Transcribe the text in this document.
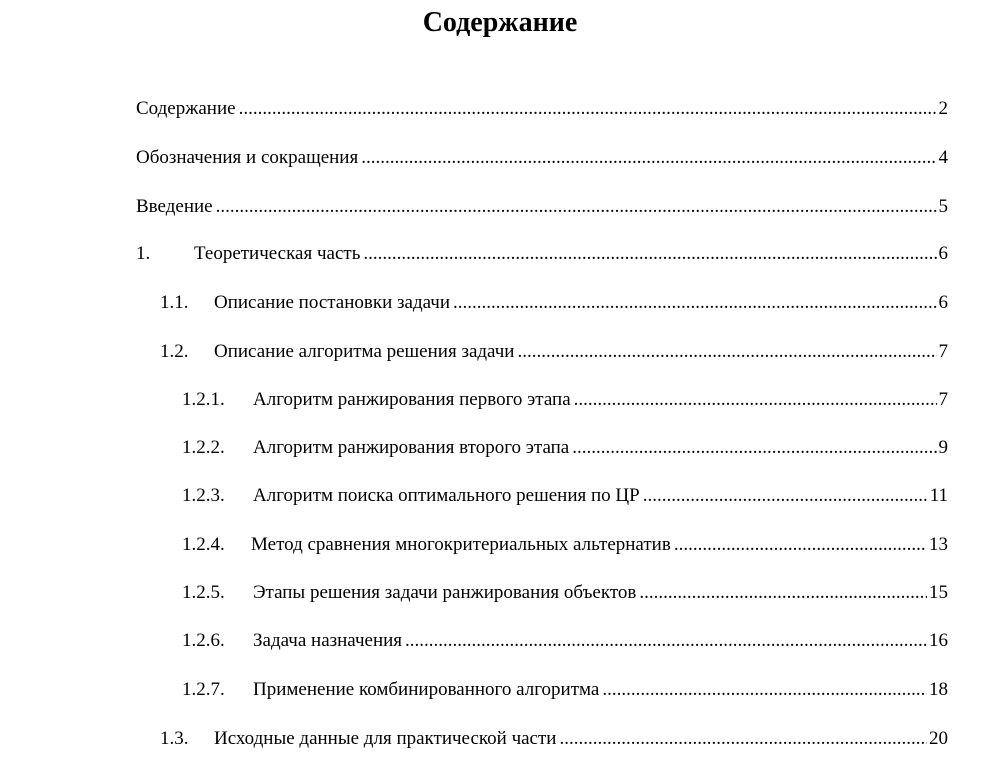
Содержание
Содержание .....	2
Обозначения и сокращения .....	4
Введение .....	5
1.	Теоретическая часть .....	6
1.1.	Описание постановки задачи .....	6
1.2.	Описание алгоритма решения задачи .....	7
1.2.1.	Алгоритм ранжирования первого этапа .....	7
1.2.2.	Алгоритм ранжирования второго этапа .....	9
1.2.3.	Алгоритм поиска оптимального решения по ЦР .....	11
1.2.4.	Метод сравнения многокритериальных альтернатив .....	13
1.2.5.	Этапы решения задачи ранжирования объектов .....	15
1.2.6.	Задача назначения .....	16
1.2.7.	Применение комбинированного алгоритма .....	18
1.3.	Исходные данные для практической части .....	20
